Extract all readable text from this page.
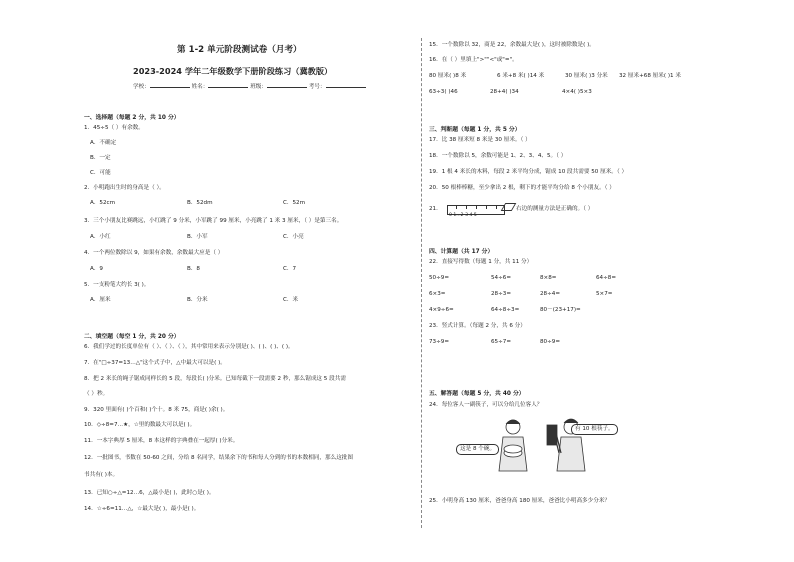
第 1-2 单元阶段测试卷（月考）
2023-2024 学年二年级数学下册阶段练习（冀教版）
学校：	姓名：	班级：	考号：
一、选择题（每题 2 分，共 10 分）
1．45÷5（ ）有余数。
A．不确定
B．一定
C．可能
2．小明跑出生时的身高是（ ）。
A．52cm	B．52dm	C．52m
3．三个小朋友比赛跳远，小红跳了 9 分米，小军跳了 99 厘米，小亮跳了 1 米 3 厘米，（ ）是第三名。
A．小红	B．小军	C．小亮
4．一个两位数除以 9，如果有余数，余数最大应是（ ）
A．9	B．8	C．7
5．一支粉笔大约长 3( )。
A．厘米	B．分米	C．米
二、填空题（每空 1 分，共 20 分）
6．我们学过的长度单位有（ ）、（ ）、（ ），其中常用来表示分别是( )、( )、( )、( )。
7．在"□÷37=13…△"这个式子中，△中最大可以是( )。
8．把 2 米长的绳子锯成同样长的 5 段，每段长( )分米。已知每截下一段需要 2 秒，那么锯成这 5 段共需
（ ）秒。
9．320 里面有( )个百和( )个十。8 米 75，商是( )余( )。
10．◇÷8=7…★，☆里的数最大可以是( )。
11．一本字典厚 5 厘米，8 本这样的字典叠在一起厚( )分米。
12．一批图书，书数在 50-60 之间，分给 8 名同学，结果余下的书和每人分到的书的本数相同，那么这批图
书共有( )本。
13．已知○÷△=12…6，△最小是( )，此时○是( )。
14．☆÷6=11…△，☆最大是( )，最小是( )。
15．一个数除以 32，商是 22，余数最大是( )，这时被除数是( )。
16．在（ ）里填上">""<"或"="。
80 厘米( )8 米	6 米+8 米( )14 米	30 厘米( )3 分米 32 厘米+68 厘米( )1 米
63÷3( )46	28+4( )34	4×4( )5×3
三、判断题（每题 1 分，共 5 分）
17．比 38 厘米短 8 米是 30 厘米。（ ）
18．一个数除以 5，余数可能是 1、2、3、4、5。（ ）
19．1 根 4 米长的木料，每段 2 米平均分成，锯成 10 段共需要 50 厘米。（ ）
20．50 根棒棒糖，至少拿出 2 根，剩下的才能平均分给 8 个小朋友。（ ）
21．
0 1...2 3 4 5
右边的测量方法是正确的。（ ）
四、计算题（共 17 分）
22．直接写得数（每题 1 分，共 11 分）
50÷9=	54÷6=	8×8=	64÷8=
6×3=	28÷3=	28÷4=	5×7=
4×9÷6=	64÷8÷3=	80－(23+17)=
23．竖式计算。（每题 2 分，共 6 分）
73÷9=	65÷7=	80÷9=
五、解答题（每题 5 分，共 40 分）
24．每位客人一副筷子，可以分给几位客人？
这是 8 个碗。
有 10 根筷子。
25．小明身高 130 厘米，爸爸身高 180 厘米，爸爸比小明高多少分米？
